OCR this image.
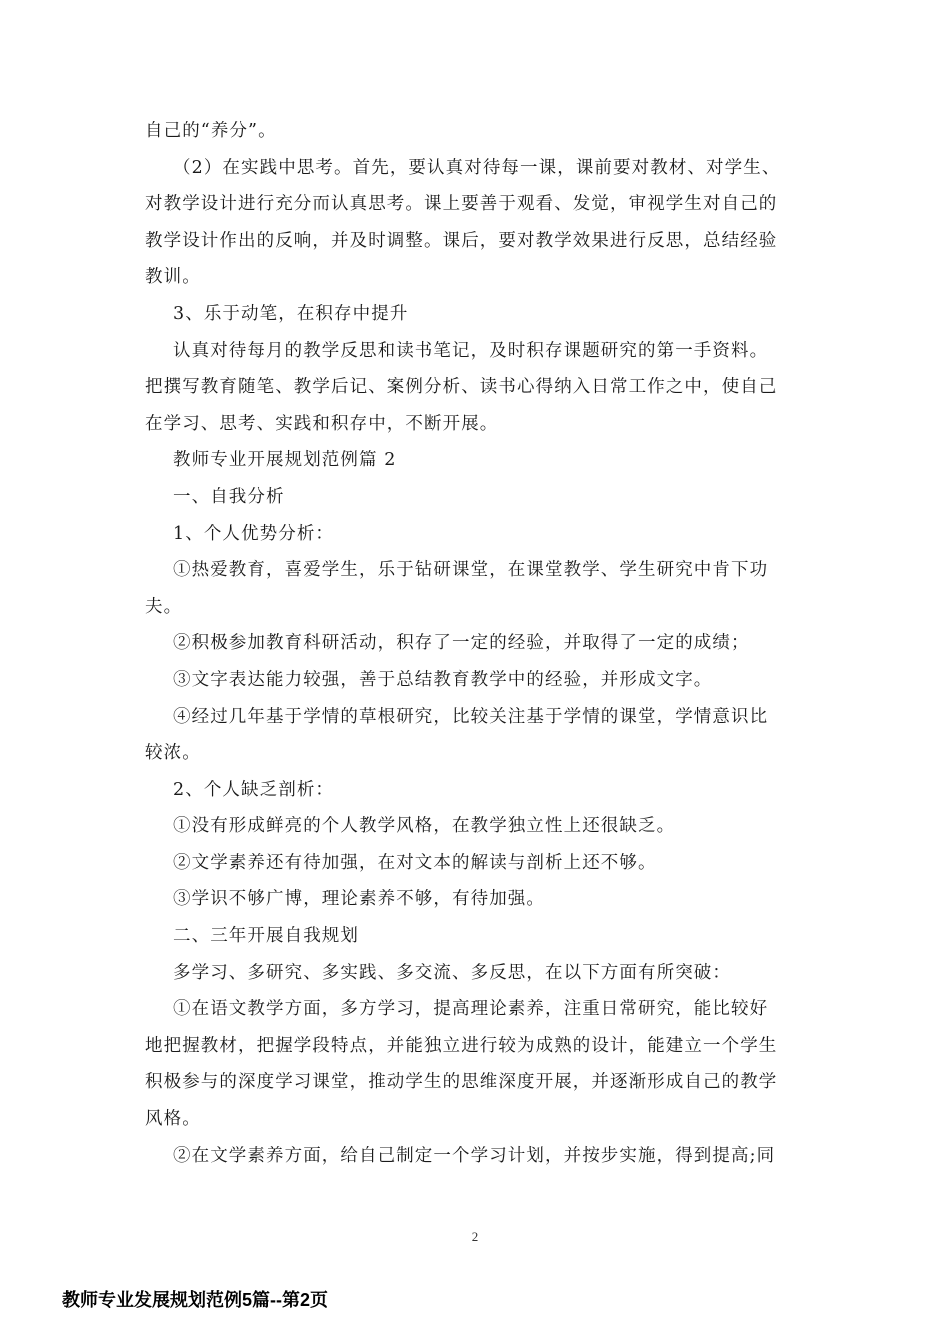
自己的“养分”。
（2）在实践中思考。首先，要认真对待每一课，课前要对教材、对学生、
对教学设计进行充分而认真思考。课上要善于观看、发觉，审视学生对自己的
教学设计作出的反响，并及时调整。课后，要对教学效果进行反思，总结经验
教训。
3、乐于动笔，在积存中提升
认真对待每月的教学反思和读书笔记，及时积存课题研究的第一手资料。
把撰写教育随笔、教学后记、案例分析、读书心得纳入日常工作之中，使自己
在学习、思考、实践和积存中，不断开展。
教师专业开展规划范例篇 2
一、自我分析
1、个人优势分析：
①热爱教育，喜爱学生，乐于钻研课堂，在课堂教学、学生研究中肯下功
夫。
②积极参加教育科研活动，积存了一定的经验，并取得了一定的成绩；
③文字表达能力较强，善于总结教育教学中的经验，并形成文字。
④经过几年基于学情的草根研究，比较关注基于学情的课堂，学情意识比
较浓。
2、个人缺乏剖析：
①没有形成鲜亮的个人教学风格，在教学独立性上还很缺乏。
②文学素养还有待加强，在对文本的解读与剖析上还不够。
③学识不够广博，理论素养不够，有待加强。
二、三年开展自我规划
多学习、多研究、多实践、多交流、多反思，在以下方面有所突破：
①在语文教学方面，多方学习，提高理论素养，注重日常研究，能比较好
地把握教材，把握学段特点，并能独立进行较为成熟的设计，能建立一个学生
积极参与的深度学习课堂，推动学生的思维深度开展，并逐渐形成自己的教学
风格。
②在文学素养方面，给自己制定一个学习计划，并按步实施，得到提高;同
2
教师专业发展规划范例5篇--第2页
